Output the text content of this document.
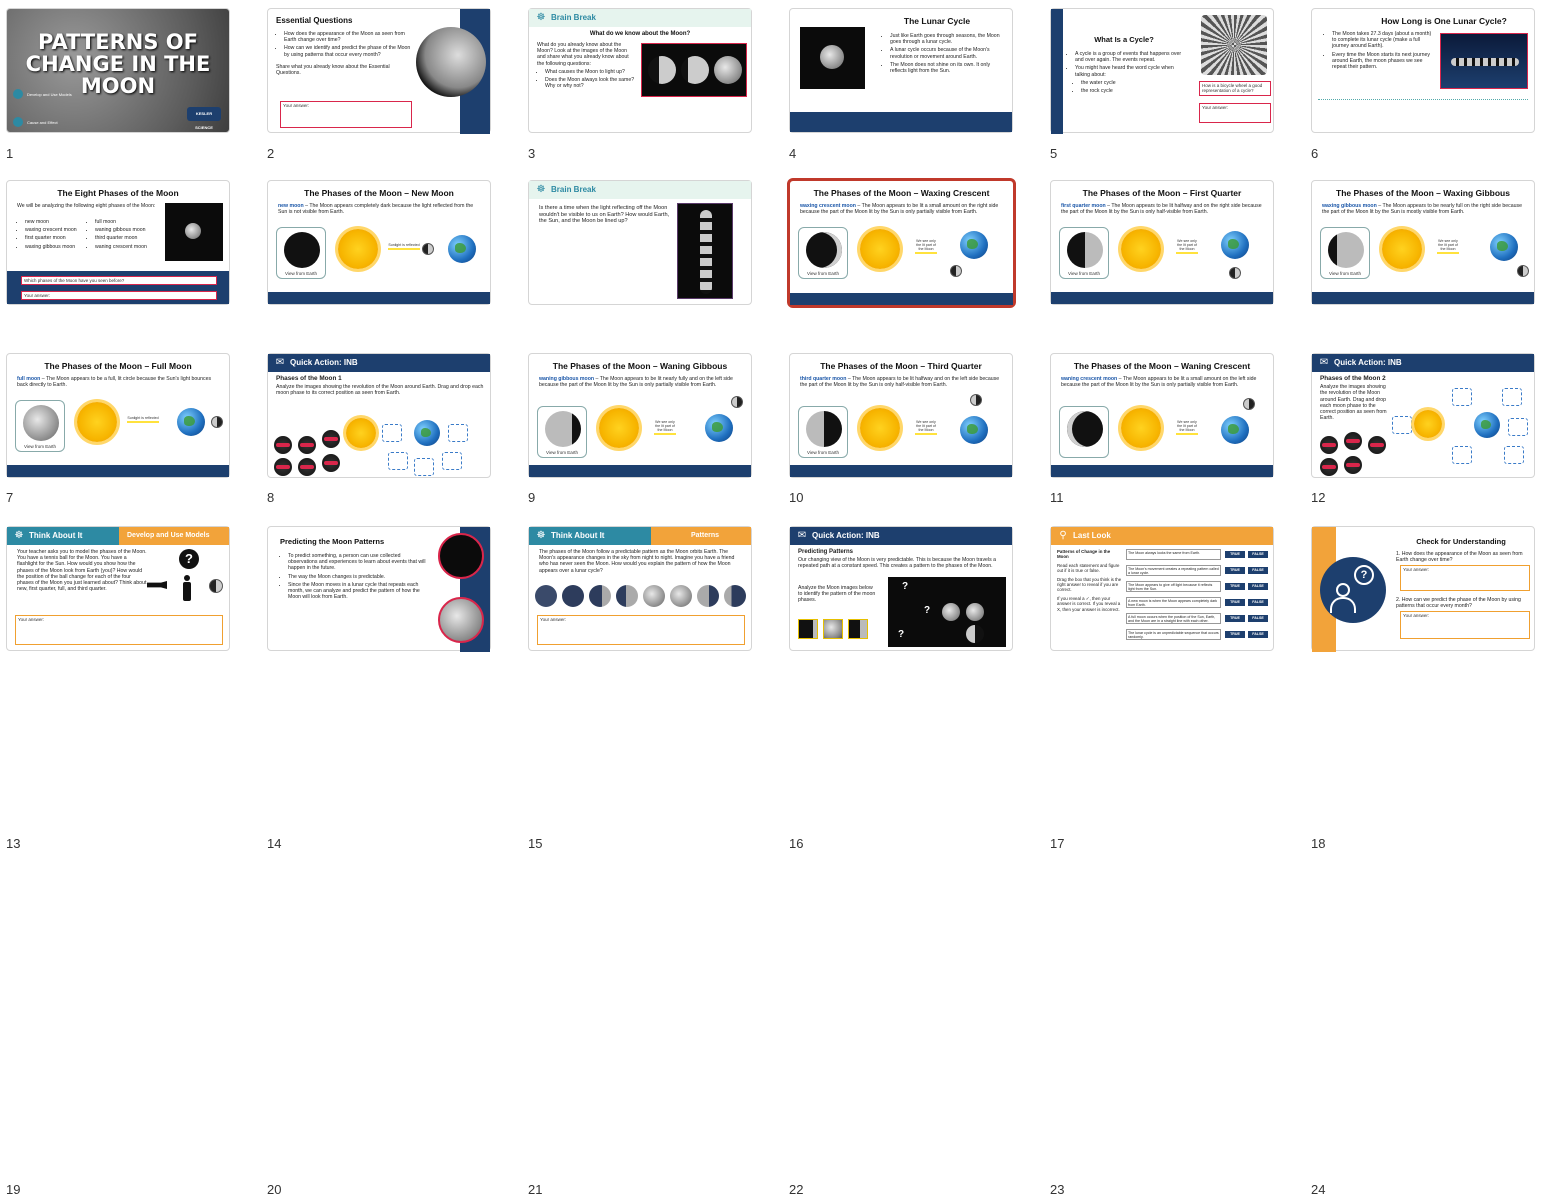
PATTERNS OF CHANGE IN THE MOON
Develop and Use Models
Cause and Effect
KESLER SCIENCE
1
Essential Questions
• How does the appearance of the Moon as seen from Earth change over time?
• How can we identify and predict the phase of the Moon by using patterns that occur every month?
Share what you already know about the Essential Questions.
Your answer:
2
☸ Brain Break
What do we know about the Moon?
What do you already know about the Moon? Look at the images of the Moon and share what you already know about the following questions:
• What causes the Moon to light up?
• Does the Moon always look the same? Why or why not?
3
The Lunar Cycle
• Just like Earth goes through seasons, the Moon goes through a lunar cycle.
• A lunar cycle occurs because of the Moon's revolution or movement around Earth.
• The Moon does not shine on its own. It only reflects light from the Sun.
4
What Is a Cycle?
• A cycle is a group of events that happens over and over again. The events repeat.
• You might have heard the word cycle when talking about:
• the water cycle
• the rock cycle
How is a bicycle wheel a good representation of a cycle?
Your answer:
5
How Long is One Lunar Cycle?
• The Moon takes 27.3 days (about a month) to complete its lunar cycle (make a full journey around Earth).
• Every time the Moon starts its next journey around Earth, the moon phases we see repeat their pattern.
6
The Eight Phases of the Moon
We will be analyzing the following eight phases of the Moon:
• new moon
• waxing crescent moon
• first quarter moon
• waxing gibbous moon
• full moon
• waning gibbous moon
• third quarter moon
• waning crescent moon
Which phases of the Moon have you seen before?
Your answer:
7
The Phases of the Moon – New Moon
new moon – The Moon appears completely dark because the light reflected from the Sun is not visible from Earth.
View from Earth
Sunlight is reflected
8
☸ Brain Break
Is there a time when the light reflecting off the Moon wouldn't be visible to us on Earth? How would Earth, the Sun, and the Moon be lined up?
9
The Phases of the Moon – Waxing Crescent
waxing crescent moon – The Moon appears to be lit a small amount on the right side because the part of the Moon lit by the Sun is only partially visible from Earth.
View from Earth
We see only the lit part of the Moon
10
The Phases of the Moon – First Quarter
first quarter moon – The Moon appears to be lit halfway and on the right side because the part of the Moon lit by the Sun is only half-visible from Earth.
View from Earth
We see only the lit part of the Moon
11
The Phases of the Moon – Waxing Gibbous
waxing gibbous moon – The Moon appears to be nearly full on the right side because the part of the Moon lit by the Sun is mostly visible from Earth.
View from Earth
We see only the lit part of the Moon
12
The Phases of the Moon – Full Moon
full moon – The Moon appears to be a full, lit circle because the Sun's light bounces back directly to Earth.
View from Earth
Sunlight is reflected
13
✉ Quick Action: INB
Phases of the Moon 1
Analyze the images showing the revolution of the Moon around Earth. Drag and drop each moon phase to its correct position as seen from Earth.
14
The Phases of the Moon – Waning Gibbous
waning gibbous moon – The Moon appears to be lit nearly fully and on the left side because the part of the Moon lit by the Sun is only partially visible from Earth.
View from Earth
We see only the lit part of the Moon
15
The Phases of the Moon – Third Quarter
third quarter moon – The Moon appears to be lit halfway and on the left side because the part of the Moon lit by the Sun is only half-visible from Earth.
View from Earth
We see only the lit part of the Moon
16
The Phases of the Moon – Waning Crescent
waning crescent moon – The Moon appears to be lit a small amount on the left side because the part of the Moon lit by the Sun is only partially visible from Earth.
We see only the lit part of the Moon
17
✉ Quick Action: INB
Phases of the Moon 2
Analyze the images showing the revolution of the Moon around Earth. Drag and drop each moon phase to the correct position as seen from Earth.
18
☸ Think About It	Develop and Use Models
Your teacher asks you to model the phases of the Moon. You have a tennis ball for the Moon. You have a flashlight for the Sun. How would you show how the phases of the Moon look from Earth (you)? How would the position of the ball change for each of the four phases of the Moon you just learned about? Think about new, first quarter, full, and third quarter.
?
Your answer:
19
Predicting the Moon Patterns
• To predict something, a person can use collected observations and experiences to learn about events that will happen in the future.
• The way the Moon changes is predictable.
• Since the Moon moves in a lunar cycle that repeats each month, we can analyze and predict the pattern of how the Moon will look from Earth.
20
☸ Think About It	Patterns
The phases of the Moon follow a predictable pattern as the Moon orbits Earth. The Moon's appearance changes in the sky from night to night. Imagine you have a friend who has never seen the Moon. How would you explain the pattern of how the Moon appears over a lunar cycle?
Your answer:
21
✉ Quick Action: INB
Predicting Patterns
Our changing view of the Moon is very predictable. This is because the Moon travels a repeated path at a constant speed. This creates a pattern to the phases of the Moon.
Analyze the Moon images below to identify the pattern of the moon phases.
?
?
?
22
⚲ Last Look
Patterns of Change in the Moon
Read each statement and figure out if it is true or false.
Drag the box that you think is the right answer to reveal if you are correct.
If you reveal a ✓, then your answer is correct. If you reveal a X, then your answer is incorrect.
The Moon always looks the same from Earth.	TRUE	FALSE
The Moon's movement creates a repeating pattern called a lunar cycle.
TRUE	FALSE
The Moon appears to give off light because it reflects light from the Sun.
TRUE	FALSE
A new moon is when the Moon appears completely dark from Earth.
TRUE	FALSE
A full moon occurs when the position of the Sun, Earth, and the Moon are in a straight line with each other.
TRUE	FALSE
The lunar cycle is an unpredictable sequence that occurs randomly.
TRUE	FALSE
23
?
Check for Understanding
1. How does the appearance of the Moon as seen from Earth change over time?
Your answer:
2. How can we predict the phase of the Moon by using patterns that occur every month?
Your answer:
24
